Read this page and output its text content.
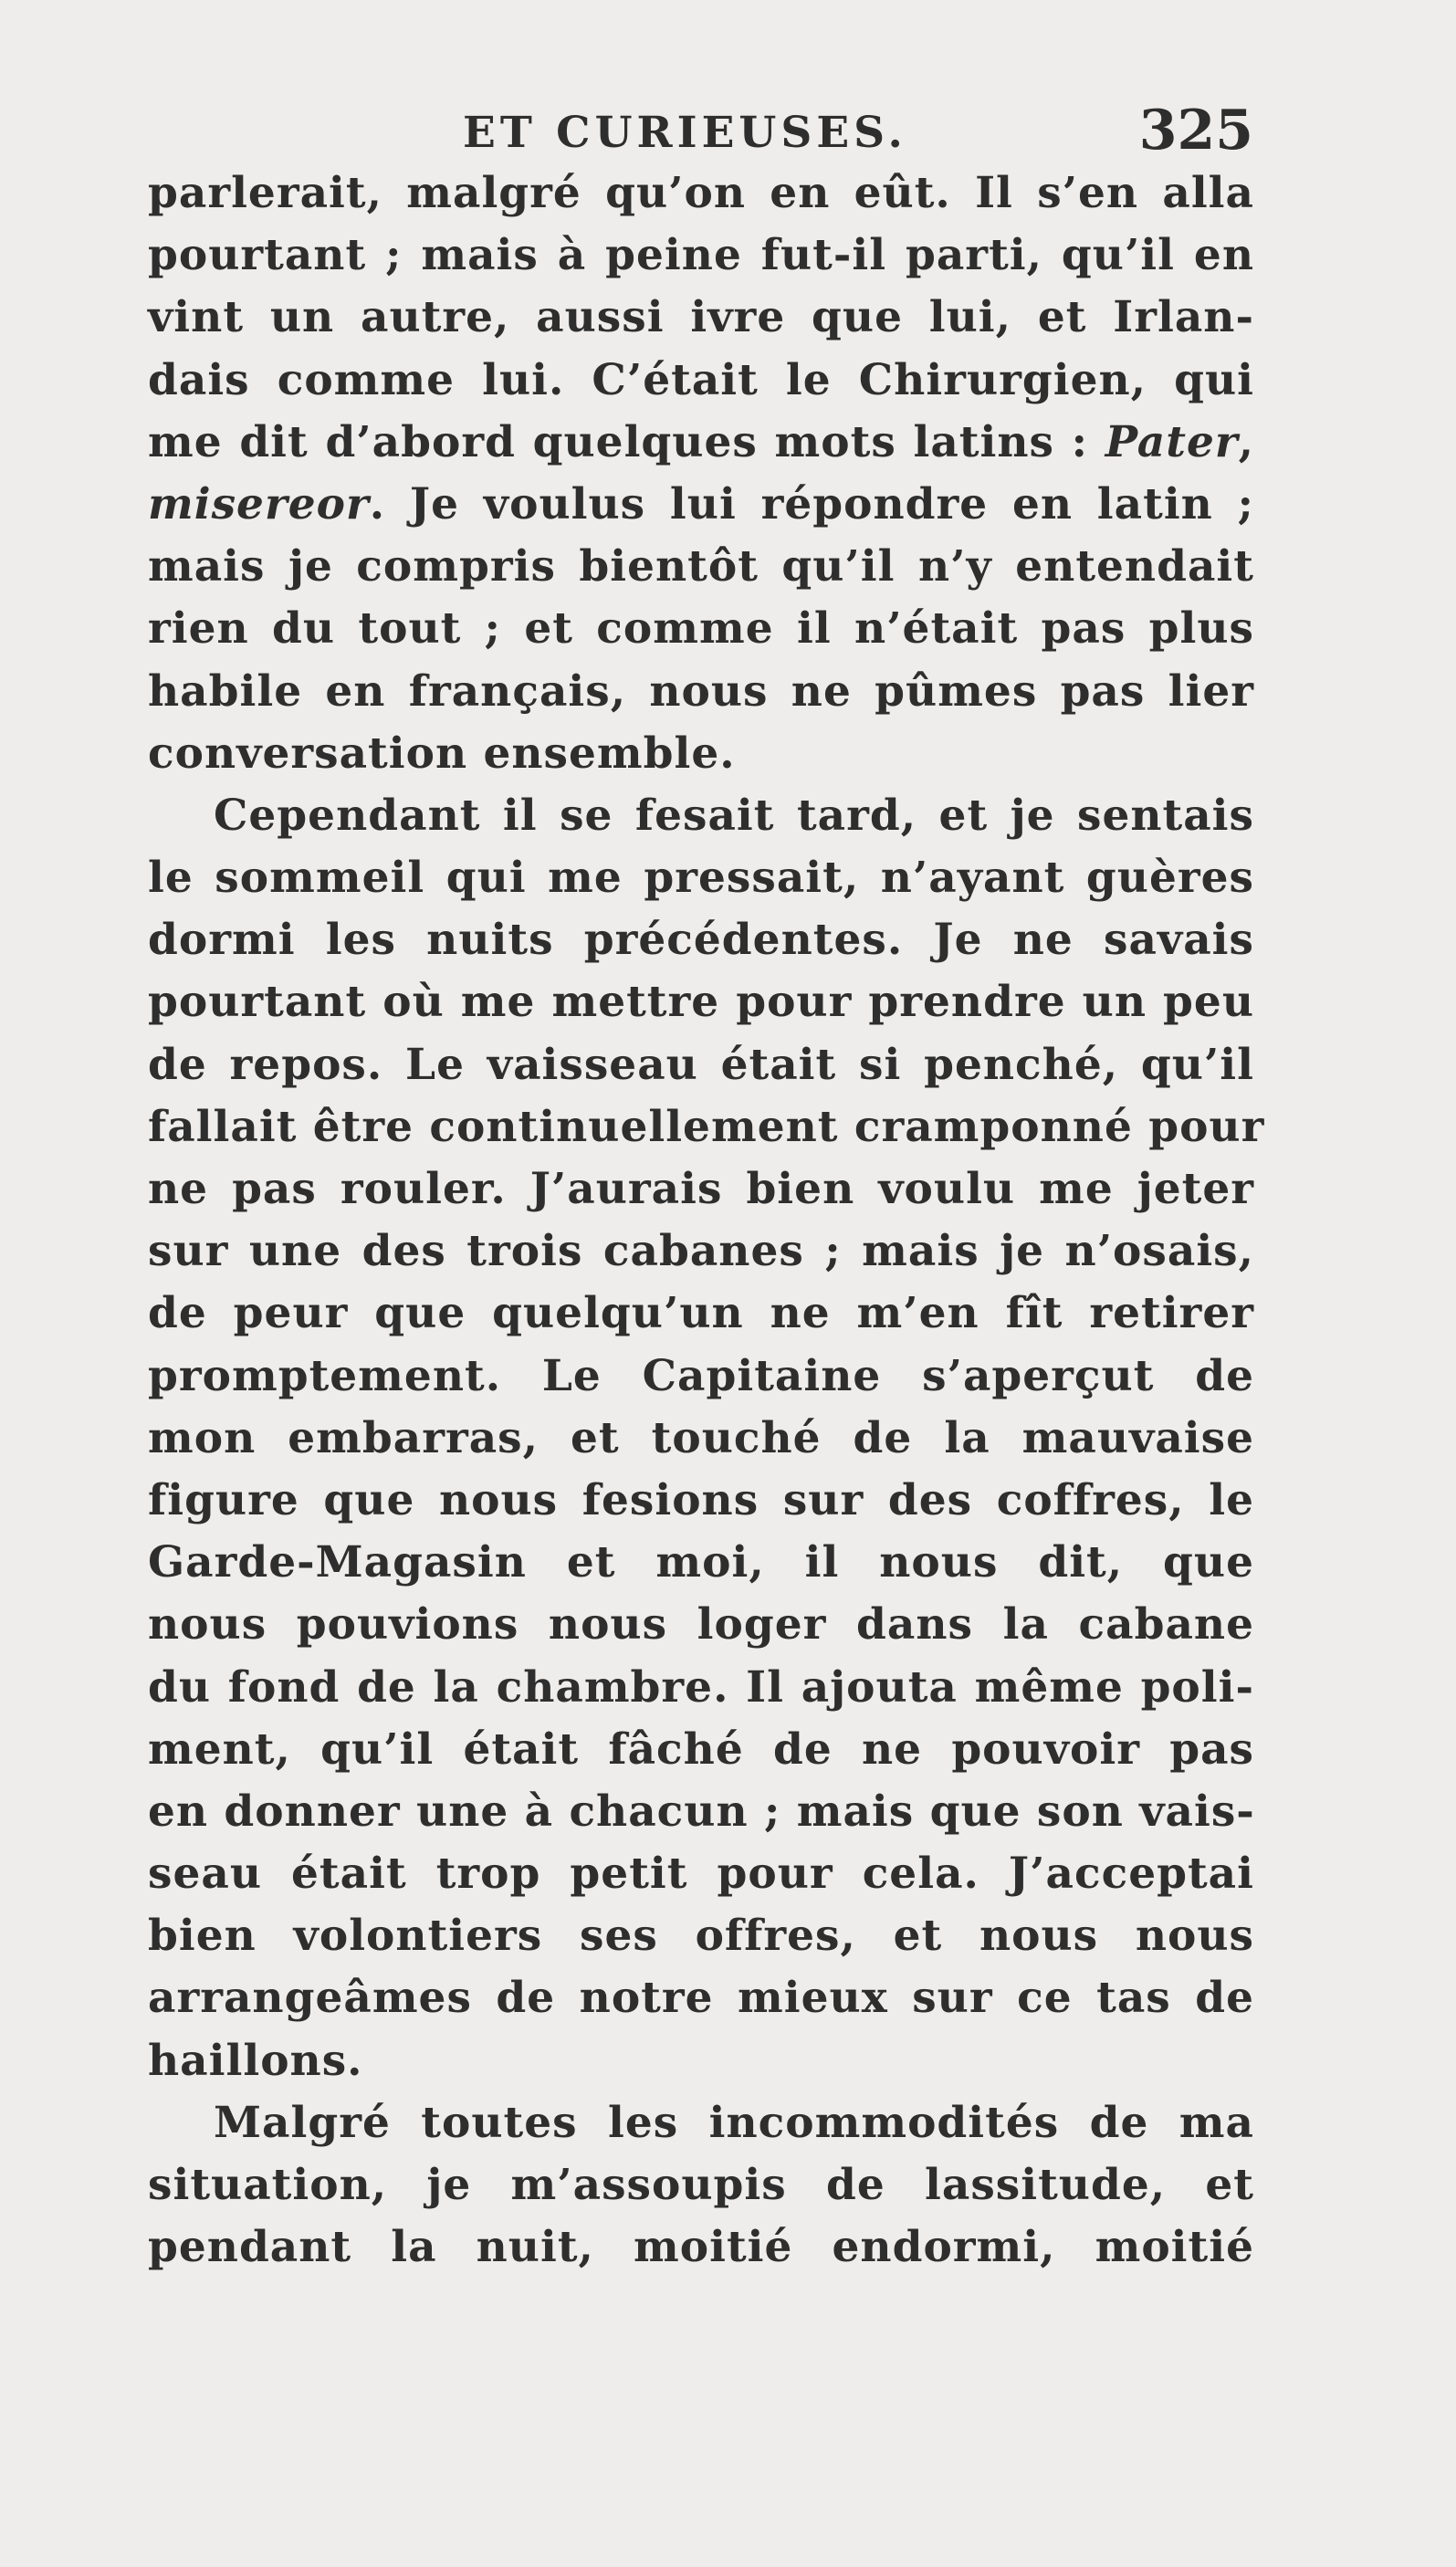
ET CURIEUSES.	325
parlerait, malgré qu’on en eût. Il s’en alla
pourtant ; mais à peine fut-il parti, qu’il en
vint un autre, aussi ivre que lui, et Irlan-
dais comme lui. C’était le Chirurgien, qui
me dit d’abord quelques mots latins : Pater,
misereor. Je voulus lui répondre en latin ;
mais je compris bientôt qu’il n’y entendait
rien du tout ; et comme il n’était pas plus
habile en français, nous ne pûmes pas lier
conversation ensemble.
Cependant il se fesait tard, et je sentais
le sommeil qui me pressait, n’ayant guères
dormi les nuits précédentes. Je ne savais
pourtant où me mettre pour prendre un peu
de repos. Le vaisseau était si penché, qu’il
fallait être continuellement cramponné pour
ne pas rouler. J’aurais bien voulu me jeter
sur une des trois cabanes ; mais je n’osais,
de peur que quelqu’un ne m’en fît retirer
promptement. Le Capitaine s’aperçut de
mon embarras, et touché de la mauvaise
figure que nous fesions sur des coffres, le
Garde-Magasin et moi, il nous dit, que
nous pouvions nous loger dans la cabane
du fond de la chambre. Il ajouta même poli-
ment, qu’il était fâché de ne pouvoir pas
en donner une à chacun ; mais que son vais-
seau était trop petit pour cela. J’acceptai
bien volontiers ses offres, et nous nous
arrangeâmes de notre mieux sur ce tas de
haillons.
Malgré toutes les incommodités de ma
situation, je m’assoupis de lassitude, et
pendant la nuit, moitié endormi, moitié
